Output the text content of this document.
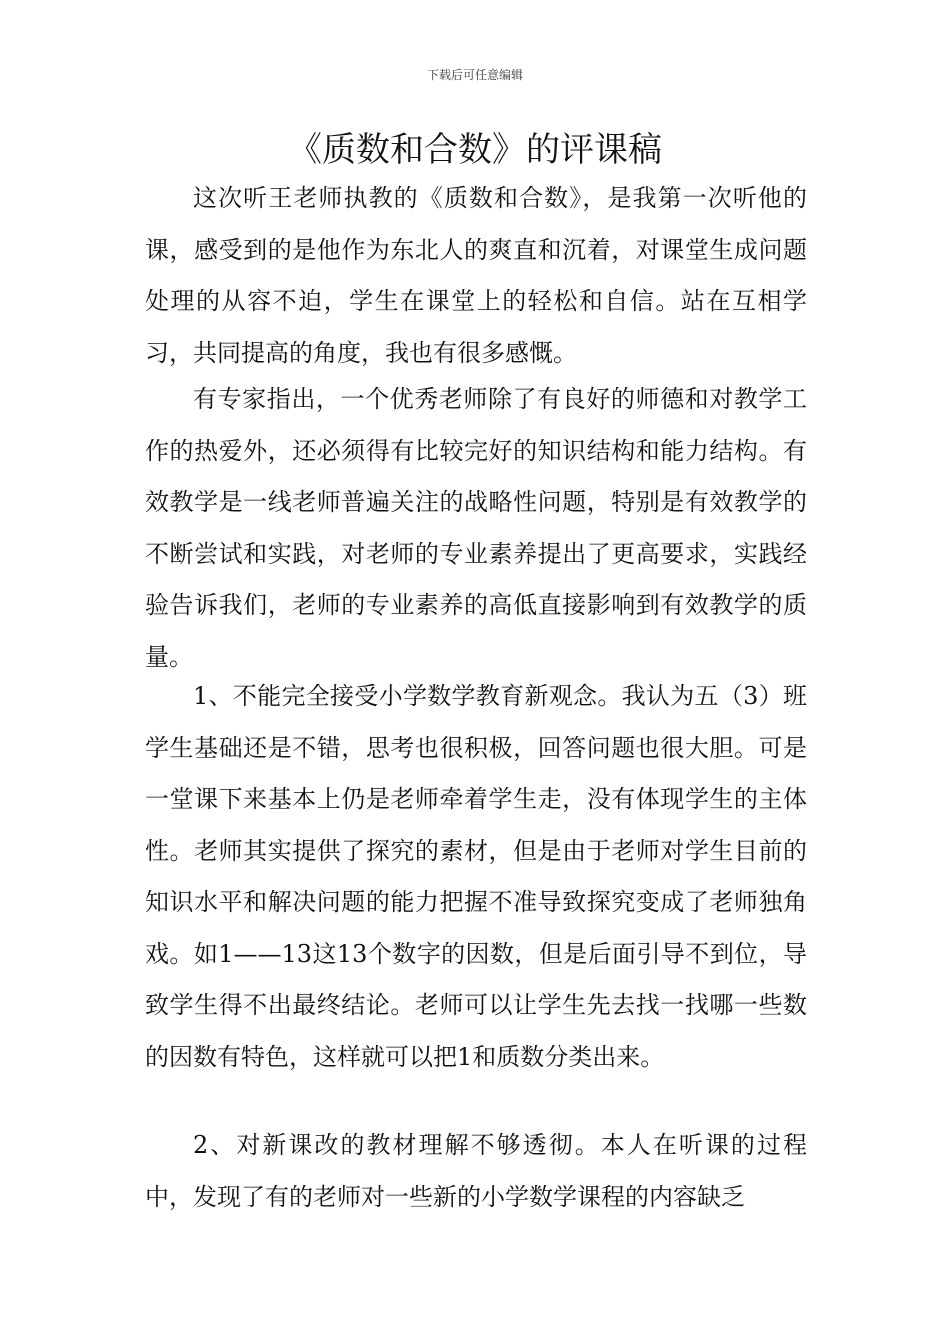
下载后可任意编辑
《质数和合数》的评课稿

这次听王老师执教的《质数和合数》，是我第一次听他的课，感受到的是他作为东北人的爽直和沉着，对课堂生成问题处理的从容不迫，学生在课堂上的轻松和自信。站在互相学习，共同提高的角度，我也有很多感慨。

有专家指出，一个优秀老师除了有良好的师德和对教学工作的热爱外，还必须得有比较完好的知识结构和能力结构。有效教学是一线老师普遍关注的战略性问题，特别是有效教学的不断尝试和实践，对老师的专业素养提出了更高要求，实践经验告诉我们，老师的专业素养的高低直接影响到有效教学的质量。

1、不能完全接受小学数学教育新观念。我认为五（3）班学生基础还是不错，思考也很积极，回答问题也很大胆。可是一堂课下来基本上仍是老师牵着学生走，没有体现学生的主体性。老师其实提供了探究的素材，但是由于老师对学生目前的知识水平和解决问题的能力把握不准导致探究变成了老师独角戏。如1——13这13个数字的因数，但是后面引导不到位，导致学生得不出最终结论。老师可以让学生先去找一找哪一些数的因数有特色，这样就可以把1和质数分类出来。

2、对新课改的教材理解不够透彻。本人在听课的过程中，发现了有的老师对一些新的小学数学课程的内容缺乏
